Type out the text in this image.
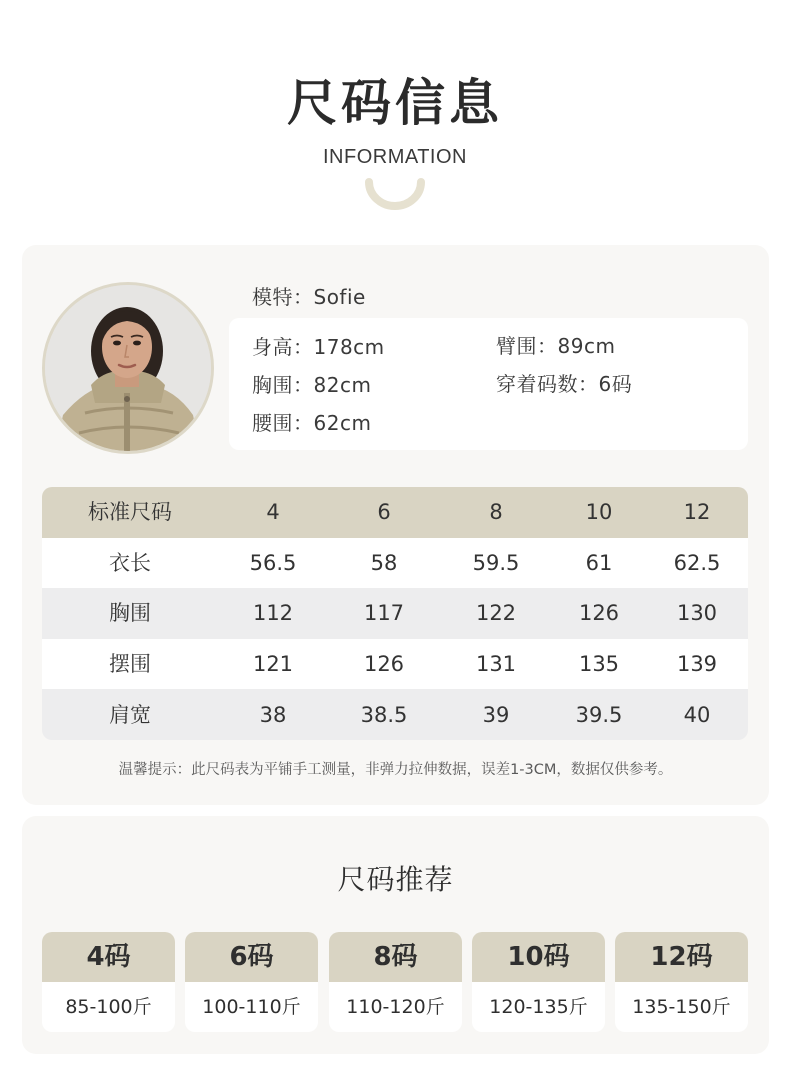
尺码信息
INFORMATION
模特：Sofie
身高：178cm	臂围：89cm
胸围：82cm	穿着码数：6码
腰围：62cm
标准尺码	4	6	8	10	12
衣长	56.5	58	59.5	61	62.5
胸围	112	117	122	126	130
摆围	121	126	131	135	139
肩宽	38	38.5	39	39.5	40
温馨提示：此尺码表为平铺手工测量，非弹力拉伸数据，误差1-3CM，数据仅供参考。
尺码推荐
4码
85-100斤
6码
100-110斤
8码
110-120斤
10码
120-135斤
12码
135-150斤
